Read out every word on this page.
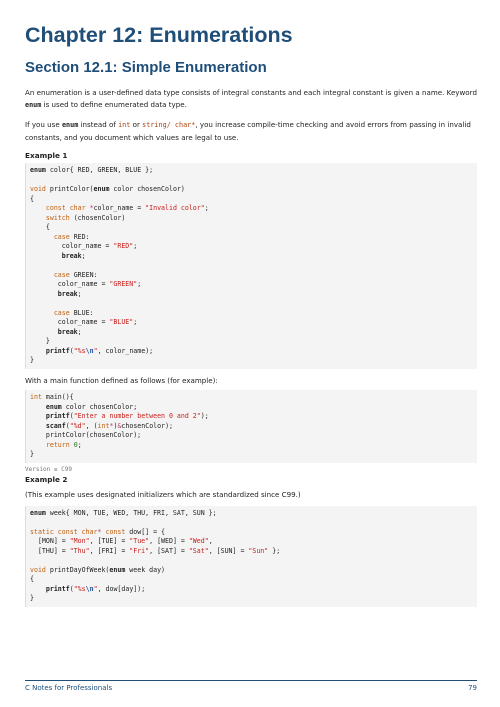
Chapter 12: Enumerations
Section 12.1: Simple Enumeration

An enumeration is a user-defined data type consists of integral constants and each integral constant is given a name. Keyword enum is used to define enumerated data type.

If you use enum instead of int or string/ char*, you increase compile-time checking and avoid errors from passing in invalid constants, and you document which values are legal to use.

Example 1
enum color{ RED, GREEN, BLUE };

void printColor(enum color chosenColor)
{
const char *color_name = "Invalid color";
switch (chosenColor)
{
case RED:
color_name = "RED";
break;

case GREEN:
color_name = "GREEN";
break;

case BLUE:
color_name = "BLUE";
break;
}
printf("%s\n", color_name);
}

With a main function defined as follows (for example):

int main(){
enum color chosenColor;
printf("Enter a number between 0 and 2");
scanf("%d", (int*)&chosenColor);
printColor(chosenColor);
return 0;
}
Version ≥ C99
Example 2

(This example uses designated initializers which are standardized since C99.)

enum week{ MON, TUE, WED, THU, FRI, SAT, SUN };

static const char* const dow[] = {
[MON] = "Mon", [TUE] = "Tue", [WED] = "Wed",
[THU] = "Thu", [FRI] = "Fri", [SAT] = "Sat", [SUN] = "Sun" };

void printDayOfWeek(enum week day)
{
printf("%s\n", dow[day]);
}
C Notes for Professionals	79
